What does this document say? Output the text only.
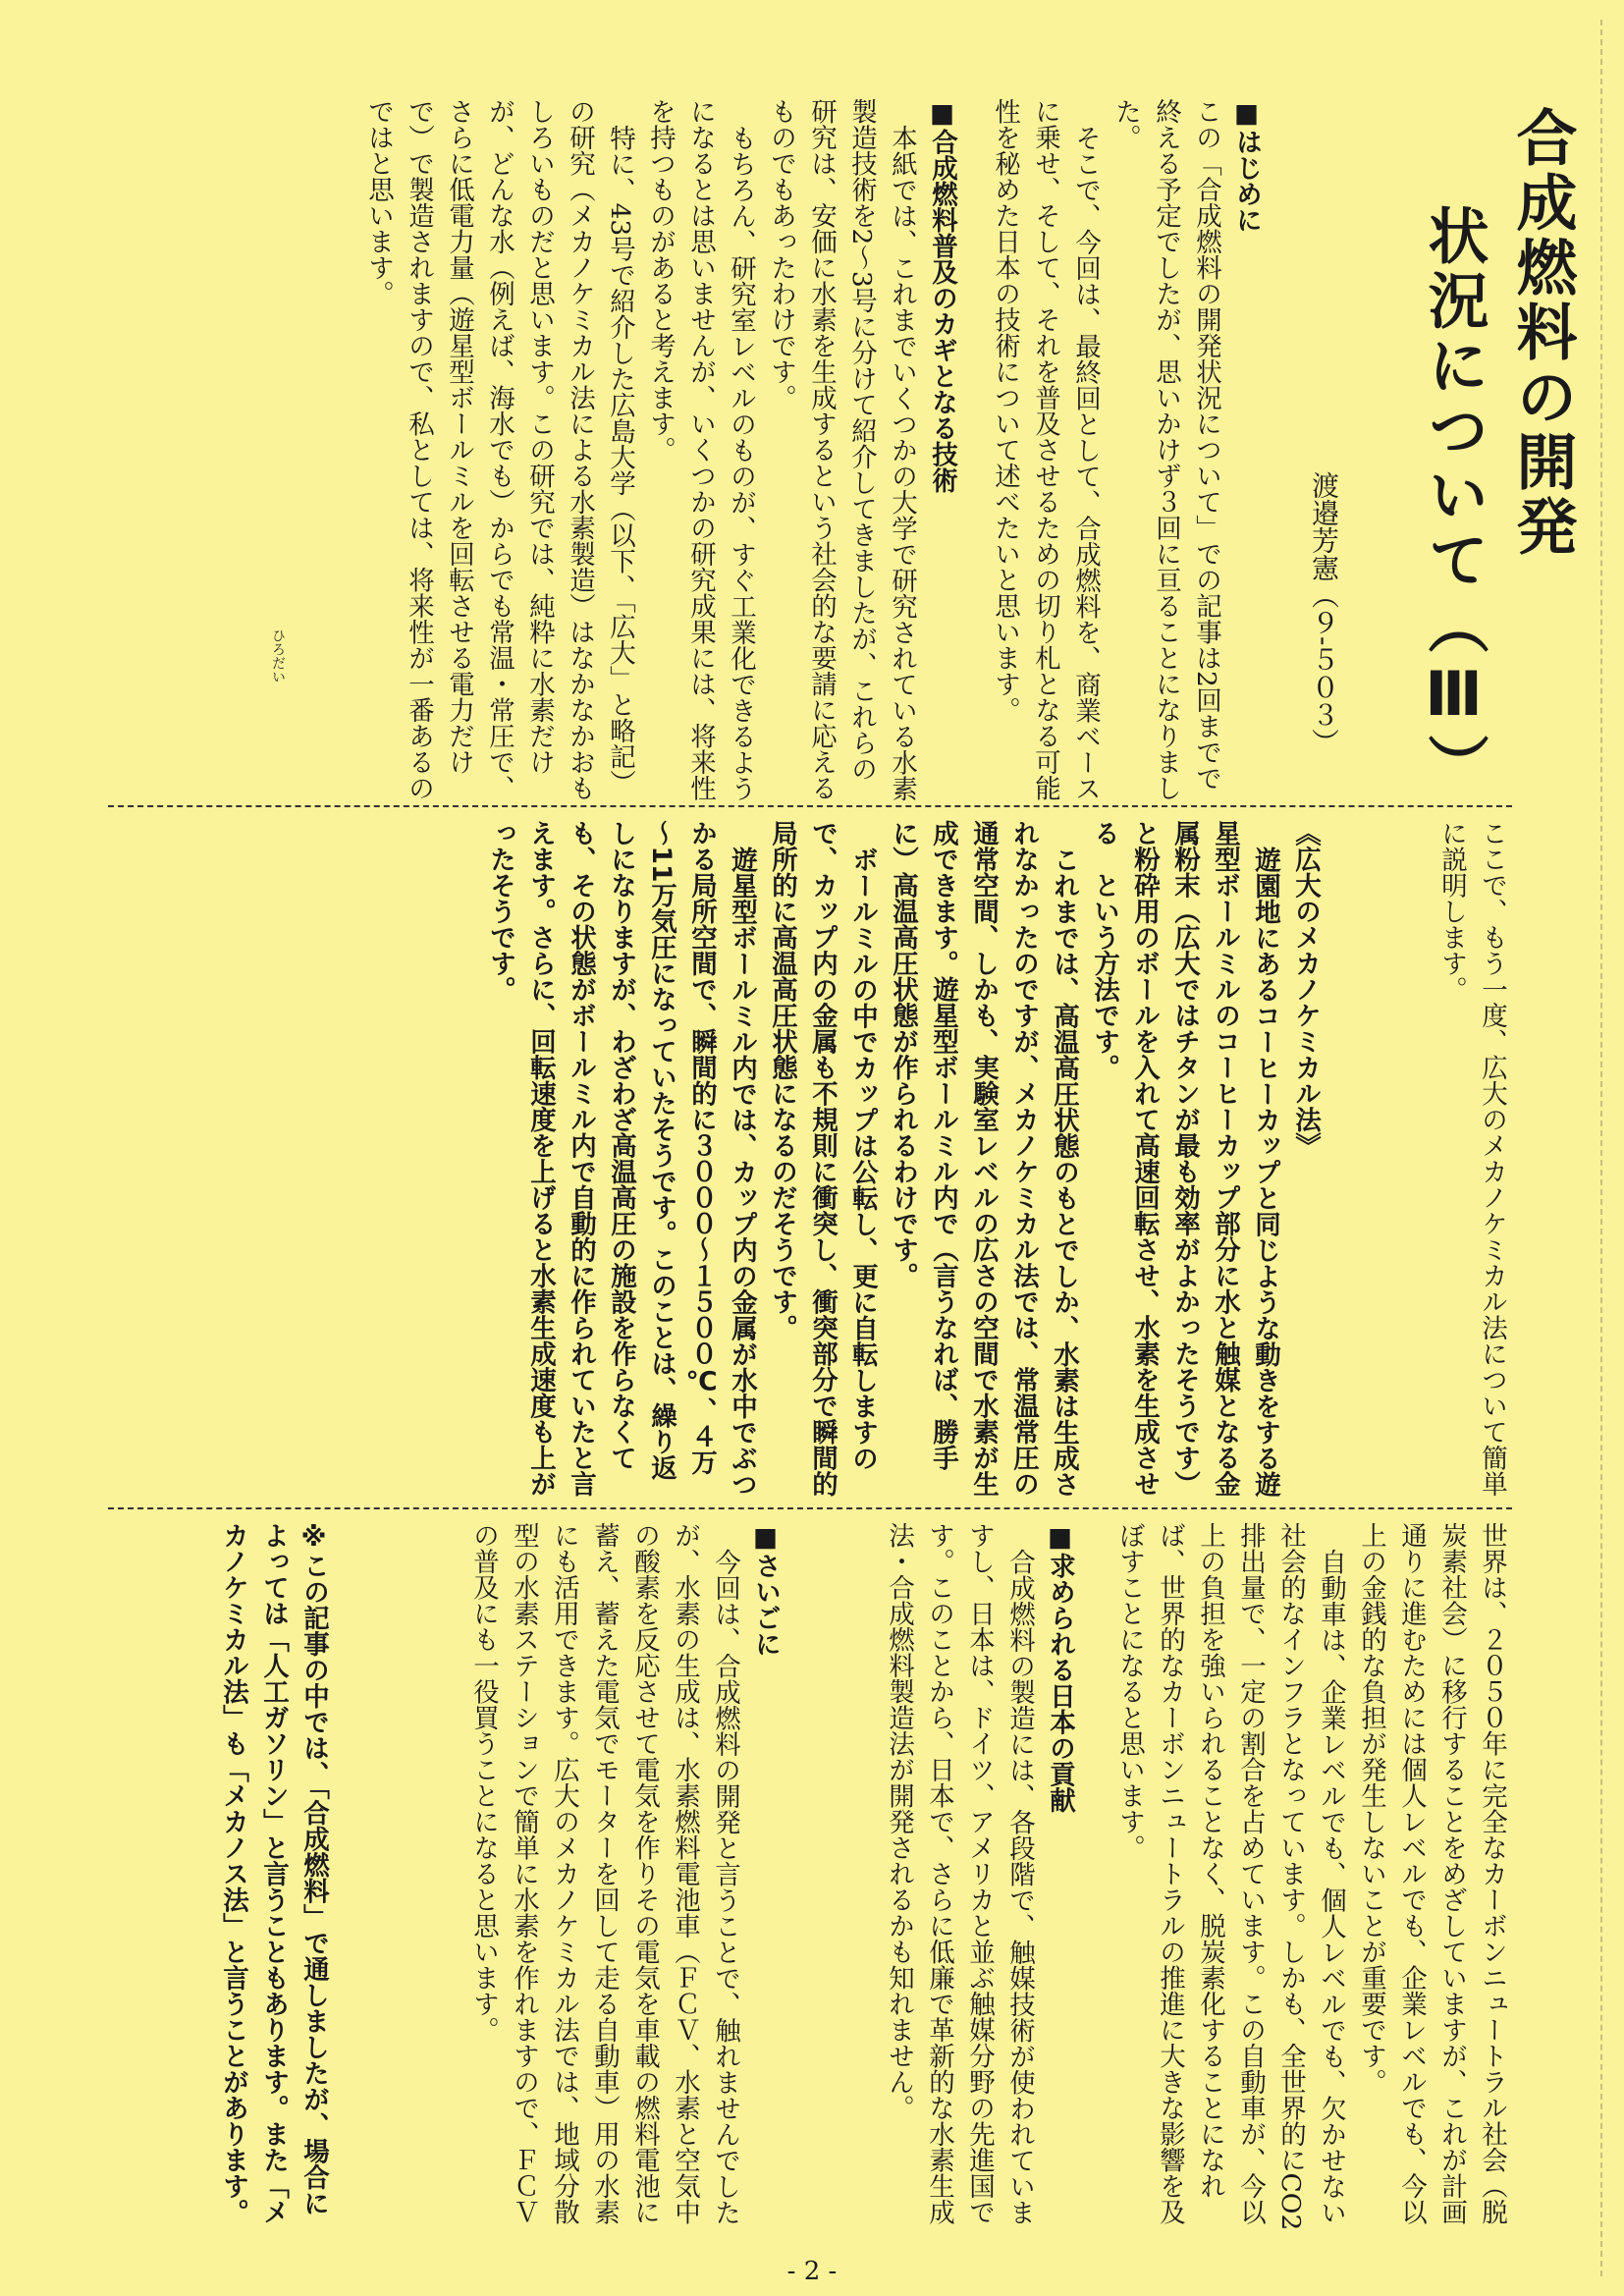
合成燃料の開発
状況について（Ⅲ）
渡邉芳憲（９-５０３）

■はじめに

この「合成燃料の開発状況について」での記事は2回までで終える予定でしたが、思いかけず３回に亘ることになりました。

そこで、今回は、最終回として、合成燃料を、商業ベースに乗せ、そして、それを普及させるための切り札となる可能性を秘めた日本の技術について述べたいと思います。

■合成燃料普及のカギとなる技術

本紙では、これまでいくつかの大学で研究されている水素製造技術を2～3号に分けて紹介してきましたが、これらの研究は、安価に水素を生成するという社会的な要請に応えるものでもあったわけです。

もちろん、研究室レベルのものが、すぐ工業化できるようになるとは思いませんが、いくつかの研究成果には、将来性を持つものがあると考えます。

特に、43号で紹介した広島大学（以下、「広大」と略記）の研究（メカノケミカル法による水素製造）はなかなかおもしろいものだと思います。この研究では、純粋に水素だけが、どんな水（例えば、海水でも）からでも常温・常圧で、さらに低電力量（遊星型ボールミルを回転させる電力だけで）で製造されますので、私としては、将来性が一番あるのではと思います。

ひろだい

ここで、もう一度、広大のメカノケミカル法について簡単に説明します。

《広大のメカノケミカル法》

遊園地にあるコーヒーカップと同じような動きをする遊星型ボールミルのコーヒーカップ部分に水と触媒となる金属粉末（広大ではチタンが最も効率がよかったそうです）と粉砕用のボールを入れて高速回転させ、水素を生成させる　という方法です。

これまでは、高温高圧状態のもとでしか、水素は生成されなかったのですが、メカノケミカル法では、常温常圧の通常空間、しかも、実験室レベルの広さの空間で水素が生成できます。遊星型ボールミル内で（言うなれば、勝手に）高温高圧状態が作られるわけです。

ボールミルの中でカップは公転し、更に自転しますので、カップ内の金属も不規則に衝突し、衝突部分で瞬間的局所的に高温高圧状態になるのだそうです。

遊星型ボールミル内では、カップ内の金属が水中でぶつかる局所空間で、瞬間的に３０００～１５００℃、４万～11万気圧になっていたそうです。このことは、繰り返しになりますが、わざわざ高温高圧の施設を作らなくても、その状態がボールミル内で自動的に作られていたと言えます。さらに、回転速度を上げると水素生成速度も上がったそうです。

世界は、２０５０年に完全なカーボンニュートラル社会（脱炭素社会）に移行することをめざしていますが、これが計画通りに進むためには個人レベルでも、企業レベルでも、今以上の金銭的な負担が発生しないことが重要です。

自動車は、企業レベルでも、個人レベルでも、欠かせない社会的なインフラとなっています。しかも、全世界的にCO2排出量で、一定の割合を占めています。この自動車が、今以上の負担を強いられることなく、脱炭素化することになれば、世界的なカーボンニュートラルの推進に大きな影響を及ぼすことになると思います。

■求められる日本の貢献

合成燃料の製造には、各段階で、触媒技術が使われていますし、日本は、ドイツ、アメリカと並ぶ触媒分野の先進国です。このことから、日本で、さらに低廉で革新的な水素生成法・合成燃料製造法が開発されるかも知れません。

■さいごに

今回は、合成燃料の開発と言うことで、触れませんでしたが、水素の生成は、水素燃料電池車（ＦＣＶ、水素と空気中の酸素を反応させて電気を作りその電気を車載の燃料電池に蓄え、蓄えた電気でモーターを回して走る自動車）用の水素にも活用できます。広大のメカノケミカル法では、地域分散型の水素ステーションで簡単に水素を作れますので、ＦＣＶの普及にも一役買うことになると思います。

※この記事の中では、「合成燃料」で通しましたが、場合によっては「人工ガソリン」と言うこともあります。また「メカノケミカル法」も「メカノス法」と言うことがあります。

- 2 -
